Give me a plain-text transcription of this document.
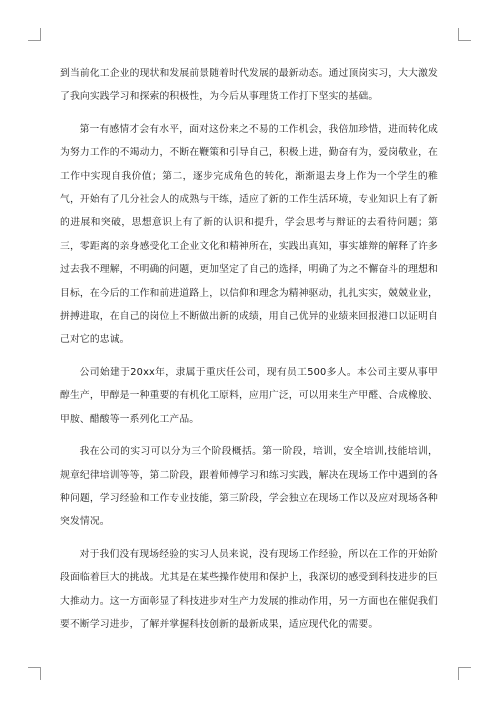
到当前化工企业的现状和发展前景随着时代发展的最新动态。通过顶岗实习，大大激发了我向实践学习和探索的积极性，为今后从事理货工作打下坚实的基础。

第一有感情才会有水平，面对这份来之不易的工作机会，我倍加珍惜，进而转化成为努力工作的不竭动力，不断在鞭策和引导自己，积极上进，勤奋有为，爱岗敬业，在工作中实现自我价值；第二，逐步完成角色的转化，渐渐退去身上作为一个学生的稚气，开始有了几分社会人的成熟与干练，适应了新的工作生活环境，专业知识上有了新的进展和突破，思想意识上有了新的认识和提升，学会思考与辩证的去看待问题；第三，零距离的亲身感受化工企业文化和精神所在，实践出真知，事实雄辩的解释了许多过去我不理解，不明确的问题，更加坚定了自己的选择，明确了为之不懈奋斗的理想和目标，在今后的工作和前进道路上，以信仰和理念为精神驱动，扎扎实实，兢兢业业，拼搏进取，在自己的岗位上不断做出新的成绩，用自己优异的业绩来回报港口以证明自己对它的忠诚。

公司始建于20xx年，隶属于重庆任公司，现有员工500多人。本公司主要从事甲醇生产，甲醇是一种重要的有机化工原料，应用广泛，可以用来生产甲醛、合成橡胶、甲胺、醋酸等一系列化工产品。

我在公司的实习可以分为三个阶段概括。第一阶段，培训，安全培训,技能培训，规章纪律培训等等，第二阶段，跟着师傅学习和练习实践，解决在现场工作中遇到的各种问题，学习经验和工作专业技能，第三阶段，学会独立在现场工作以及应对现场各种突发情况。

对于我们没有现场经验的实习人员来说，没有现场工作经验，所以在工作的开始阶段面临着巨大的挑战。尤其是在某些操作使用和保护上，我深切的感受到科技进步的巨大推动力。这一方面彰显了科技进步对生产力发展的推动作用，另一方面也在催促我们要不断学习进步，了解并掌握科技创新的最新成果，适应现代化的需要。
